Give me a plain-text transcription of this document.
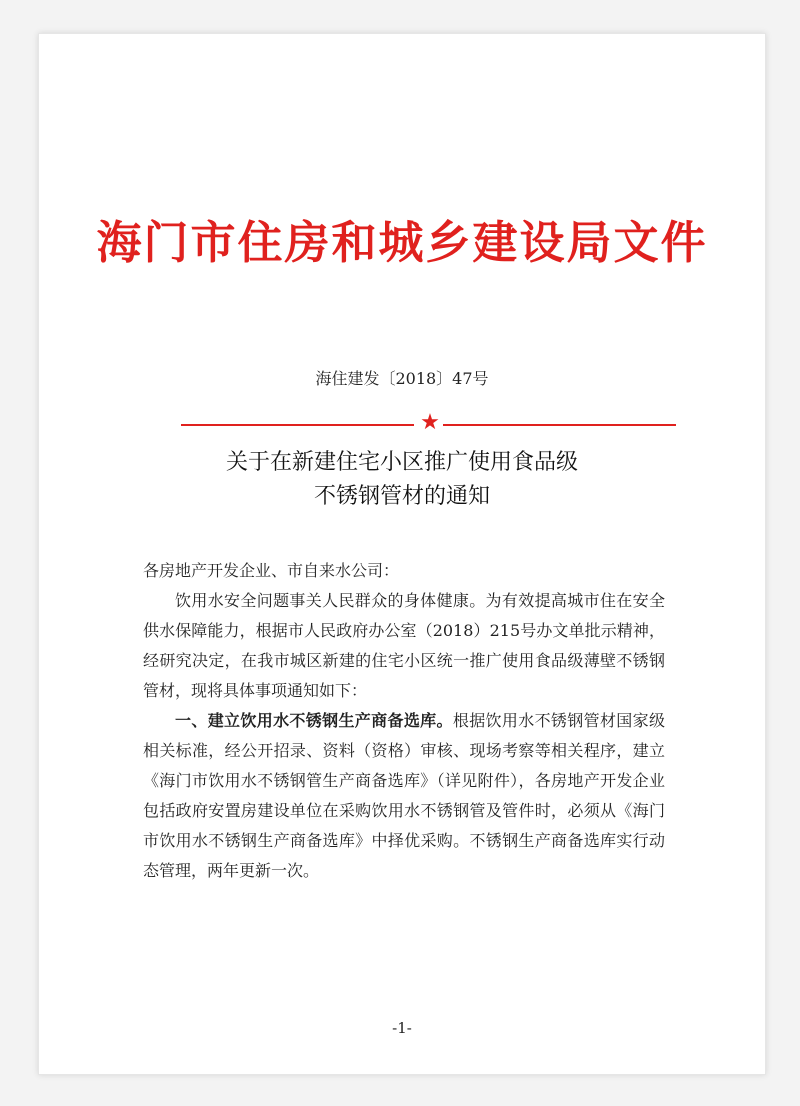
海门市住房和城乡建设局文件
海住建发〔2018〕47号
★
关于在新建住宅小区推广使用食品级
不锈钢管材的通知

各房地产开发企业、市自来水公司：

饮用水安全问题事关人民群众的身体健康。为有效提高城市住在安全供水保障能力，根据市人民政府办公室（2018）215号办文单批示精神，经研究决定，在我市城区新建的住宅小区统一推广使用食品级薄壁不锈钢管材，现将具体事项通知如下：

一、建立饮用水不锈钢生产商备选库。根据饮用水不锈钢管材国家级相关标准，经公开招录、资料（资格）审核、现场考察等相关程序，建立《海门市饮用水不锈钢管生产商备选库》（详见附件），各房地产开发企业包括政府安置房建设单位在采购饮用水不锈钢管及管件时，必须从《海门市饮用水不锈钢生产商备选库》中择优采购。不锈钢生产商备选库实行动态管理，两年更新一次。

-1-
